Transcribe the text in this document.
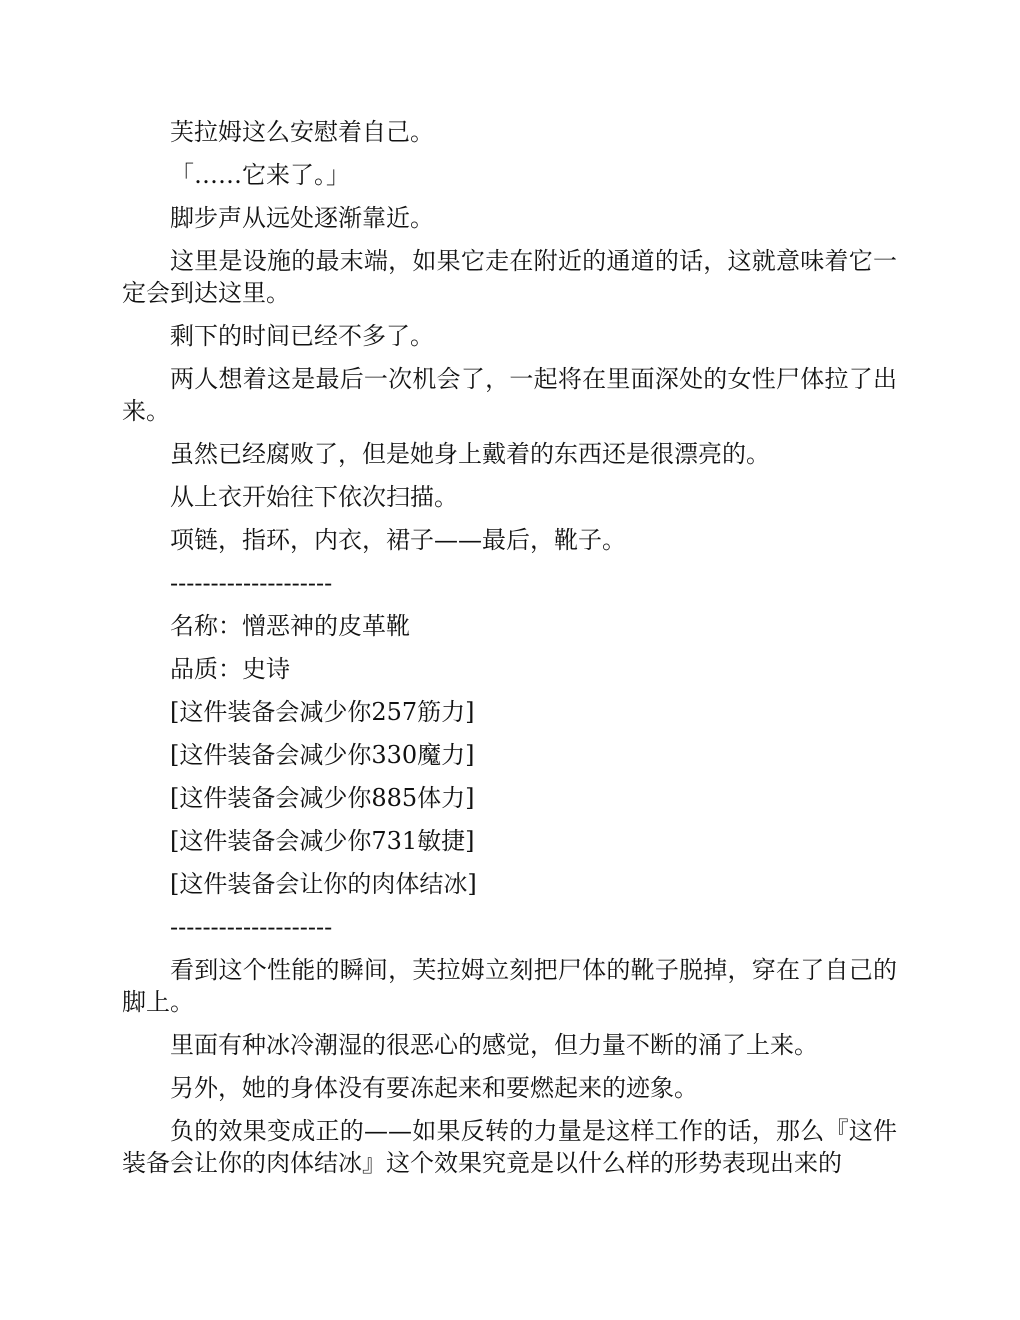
芙拉姆这么安慰着自己。

「……它来了。」

脚步声从远处逐渐靠近。

这里是设施的最末端，如果它走在附近的通道的话，这就意味着它一定会到达这里。

剩下的时间已经不多了。

两人想着这是最后一次机会了，一起将在里面深处的女性尸体拉了出来。

虽然已经腐败了，但是她身上戴着的东西还是很漂亮的。

从上衣开始往下依次扫描。

项链，指环，内衣，裙子——最后，靴子。

--------------------

名称：憎恶神的皮革靴

品质：史诗

[这件装备会减少你257筋力]

[这件装备会减少你330魔力]

[这件装备会减少你885体力]

[这件装备会减少你731敏捷]

[这件装备会让你的肉体结冰]

--------------------

看到这个性能的瞬间，芙拉姆立刻把尸体的靴子脱掉，穿在了自己的脚上。

里面有种冰冷潮湿的很恶心的感觉，但力量不断的涌了上来。

另外，她的身体没有要冻起来和要燃起来的迹象。

负的效果变成正的——如果反转的力量是这样工作的话，那么『这件装备会让你的肉体结冰』这个效果究竟是以什么样的形势表现出来的
